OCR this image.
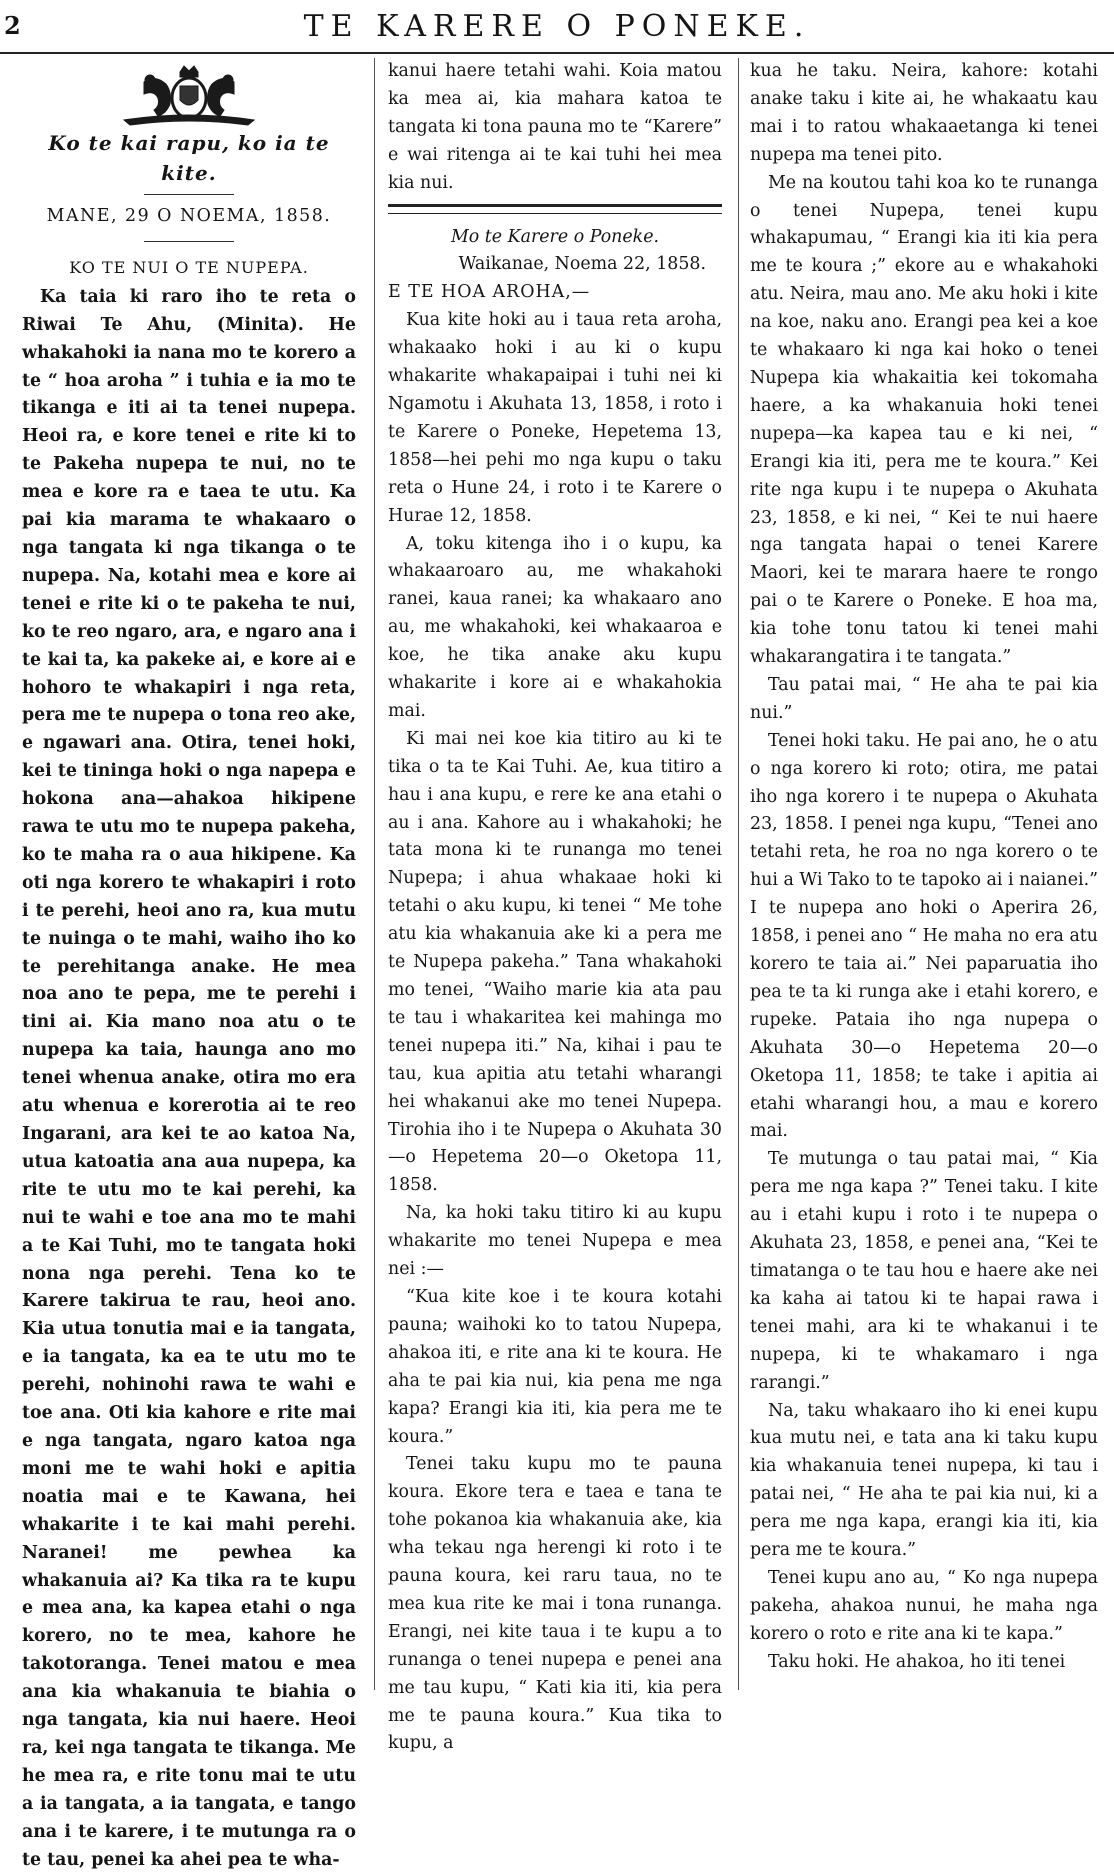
2	TE KARERE O PONEKE.
Ko te kai rapu, ko ia te kite.
MANE, 29 O NOEMA, 1858.
KO TE NUI O TE NUPEPA.

Ka taia ki raro iho te reta o Riwai Te Ahu, (Minita). He whakahoki ia nana mo te korero a te “ hoa aroha ” i tuhia e ia mo te tikanga e iti ai ta tenei nupepa. Heoi ra, e kore tenei e rite ki to te Pakeha nupepa te nui, no te mea e kore ra e taea te utu. Ka pai kia marama te whakaaro o nga tangata ki nga tikanga o te nupepa. Na, kotahi mea e kore ai tenei e rite ki o te pakeha te nui, ko te reo ngaro, ara, e ngaro ana i te kai ta, ka pakeke ai, e kore ai e hohoro te whakapiri i nga reta, pera me te nupepa o tona reo ake, e ngawari ana. Otira, tenei hoki, kei te tininga hoki o nga napepa e hokona ana—ahakoa hikipene rawa te utu mo te nupepa pakeha, ko te maha ra o aua hikipene. Ka oti nga korero te whakapiri i roto i te perehi, heoi ano ra, kua mutu te nuinga o te mahi, waiho iho ko te perehitanga anake. He mea noa ano te pepa, me te perehi i tini ai. Kia mano noa atu o te nupepa ka taia, haunga ano mo tenei whenua anake, otira mo era atu whenua e korerotia ai te reo Ingarani, ara kei te ao katoa Na, utua katoatia ana aua nupepa, ka rite te utu mo te kai perehi, ka nui te wahi e toe ana mo te mahi a te Kai Tuhi, mo te tangata hoki nona nga perehi. Tena ko te Karere takirua te rau, heoi ano. Kia utua tonutia mai e ia tangata, e ia tangata, ka ea te utu mo te perehi, nohinohi rawa te wahi e toe ana. Oti kia kahore e rite mai e nga tangata, ngaro katoa nga moni me te wahi hoki e apitia noatia mai e te Kawana, hei whakarite i te kai mahi perehi. Naranei! me pewhea ka whakanuia ai? Ka tika ra te kupu e mea ana, ka kapea etahi o nga korero, no te mea, kahore he takotoranga. Tenei matou e mea ana kia whakanuia te biahia o nga tangata, kia nui haere. Heoi ra, kei nga tangata te tikanga. Me he mea ra, e rite tonu mai te utu a ia tangata, a ia tangata, e tango ana i te karere, i te mutunga ra o te tau, penei ka ahei pea te wha-

kanui haere tetahi wahi. Koia matou ka mea ai, kia mahara katoa te tangata ki tona pauna mo te “Karere” e wai ritenga ai te kai tuhi hei mea kia nui.

Mo te Karere o Poneke.
Waikanae, Noema 22, 1858.
E TE HOA AROHA,—

Kua kite hoki au i taua reta aroha, whakaako hoki i au ki o kupu whakarite whakapaipai i tuhi nei ki Ngamotu i Akuhata 13, 1858, i roto i te Karere o Poneke, Hepetema 13, 1858—hei pehi mo nga kupu o taku reta o Hune 24, i roto i te Karere o Hurae 12, 1858.

A, toku kitenga iho i o kupu, ka whakaaroaro au, me whakahoki ranei, kaua ranei; ka whakaaro ano au, me whakahoki, kei whakaaroa e koe, he tika anake aku kupu whakarite i kore ai e whakahokia mai.

Ki mai nei koe kia titiro au ki te tika o ta te Kai Tuhi. Ae, kua titiro a hau i ana kupu, e rere ke ana etahi o au i ana. Kahore au i whakahoki; he tata mona ki te runanga mo tenei Nupepa; i ahua whakaae hoki ki tetahi o aku kupu, ki tenei “ Me tohe atu kia whakanuia ake ki a pera me te Nupepa pakeha.” Tana whakahoki mo tenei, “Waiho marie kia ata pau te tau i whakaritea kei mahinga mo tenei nupepa iti.” Na, kihai i pau te tau, kua apitia atu tetahi wharangi hei whakanui ake mo tenei Nupepa. Tirohia iho i te Nupepa o Akuhata 30—o Hepetema 20—o Oketopa 11, 1858.

Na, ka hoki taku titiro ki au kupu whakarite mo tenei Nupepa e mea nei :—

“Kua kite koe i te koura kotahi pauna; waihoki ko to tatou Nupepa, ahakoa iti, e rite ana ki te koura. He aha te pai kia nui, kia pena me nga kapa? Erangi kia iti, kia pera me te koura.”

Tenei taku kupu mo te pauna koura. Ekore tera e taea e tana te tohe pokanoa kia whakanuia ake, kia wha tekau nga herengi ki roto i te pauna koura, kei raru taua, no te mea kua rite ke mai i tona runanga. Erangi, nei kite taua i te kupu a to runanga o tenei nupepa e penei ana me tau kupu, “ Kati kia iti, kia pera me te pauna koura.” Kua tika to kupu, a

kua he taku. Neira, kahore: kotahi anake taku i kite ai, he whakaatu kau mai i to ratou whakaaetanga ki tenei nupepa ma tenei pito.

Me na koutou tahi koa ko te runanga o tenei Nupepa, tenei kupu whakapumau, “ Erangi kia iti kia pera me te koura ;” ekore au e whakahoki atu. Neira, mau ano. Me aku hoki i kite na koe, naku ano. Erangi pea kei a koe te whakaaro ki nga kai hoko o tenei Nupepa kia whakaitia kei tokomaha haere, a ka whakanuia hoki tenei nupepa—ka kapea tau e ki nei, “ Erangi kia iti, pera me te koura.” Kei rite nga kupu i te nupepa o Akuhata 23, 1858, e ki nei, “ Kei te nui haere nga tangata hapai o tenei Karere Maori, kei te marara haere te rongo pai o te Karere o Poneke. E hoa ma, kia tohe tonu tatou ki tenei mahi whakarangatira i te tangata.”

Tau patai mai, “ He aha te pai kia nui.”

Tenei hoki taku. He pai ano, he o atu o nga korero ki roto; otira, me patai iho nga korero i te nupepa o Akuhata 23, 1858. I penei nga kupu, “Tenei ano tetahi reta, he roa no nga korero o te hui a Wi Tako to te tapoko ai i naianei.” I te nupepa ano hoki o Aperira 26, 1858, i penei ano “ He maha no era atu korero te taia ai.” Nei paparuatia iho pea te ta ki runga ake i etahi korero, e rupeke. Pataia iho nga nupepa o Akuhata 30—o Hepetema 20—o Oketopa 11, 1858; te take i apitia ai etahi wharangi hou, a mau e korero mai.

Te mutunga o tau patai mai, “ Kia pera me nga kapa ?” Tenei taku. I kite au i etahi kupu i roto i te nupepa o Akuhata 23, 1858, e penei ana, “Kei te timatanga o te tau hou e haere ake nei ka kaha ai tatou ki te hapai rawa i tenei mahi, ara ki te whakanui i te nupepa, ki te whakamaro i nga rarangi.”

Na, taku whakaaro iho ki enei kupu kua mutu nei, e tata ana ki taku kupu kia whakanuia tenei nupepa, ki tau i patai nei, “ He aha te pai kia nui, ki a pera me nga kapa, erangi kia iti, kia pera me te koura.”

Tenei kupu ano au, “ Ko nga nupepa pakeha, ahakoa nunui, he maha nga korero o roto e rite ana ki te kapa.”

Taku hoki. He ahakoa, ho iti tenei
